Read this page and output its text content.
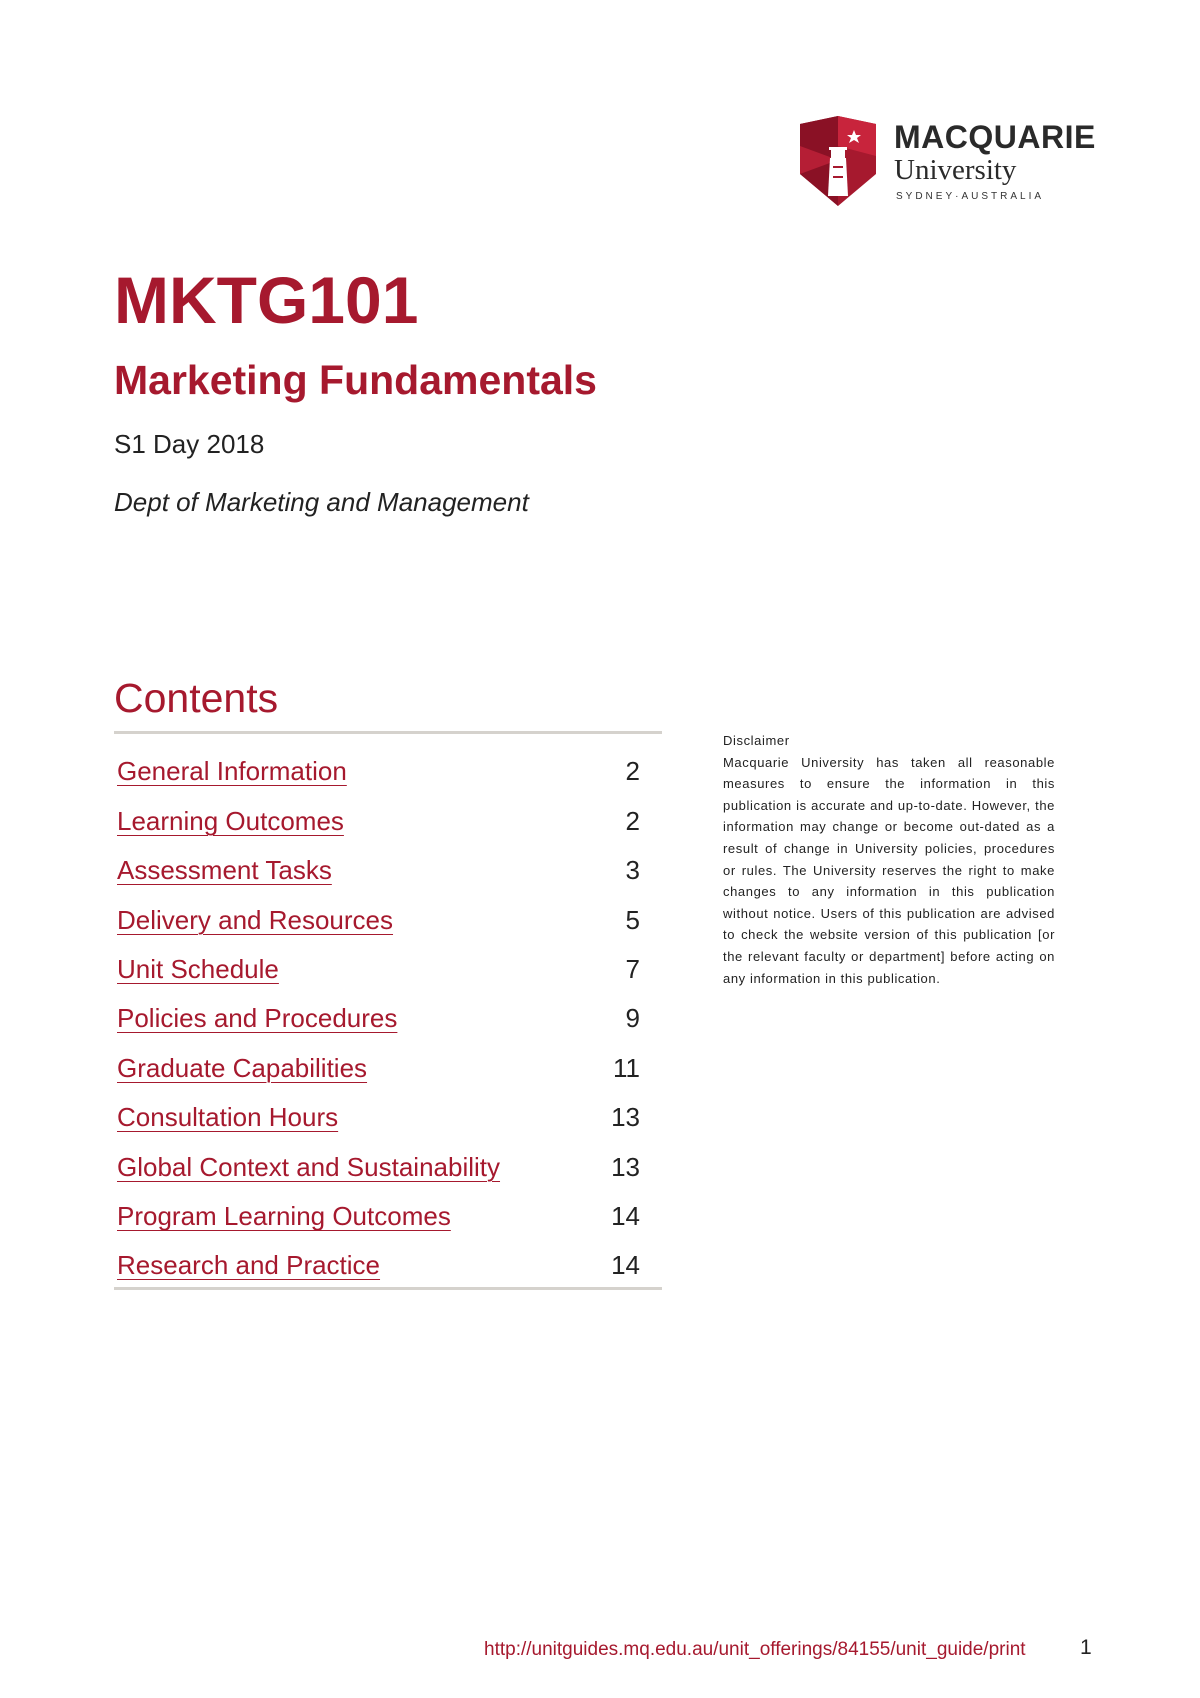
MACQUARIE
University
SYDNEY·AUSTRALIA
MKTG101
Marketing Fundamentals
S1 Day 2018
Dept of Marketing and Management
Contents
General Information	2
Learning Outcomes	2
Assessment Tasks	3
Delivery and Resources	5
Unit Schedule	7
Policies and Procedures	9
Graduate Capabilities	11
Consultation Hours	13
Global Context and Sustainability	13
Program Learning Outcomes	14
Research and Practice	14

Disclaimer

Macquarie University has taken all reasonable measures to ensure the information in this publication is accurate and up-to-date. However, the information may change or become out-dated as a result of change in University policies, procedures or rules. The University reserves the right to make changes to any information in this publication without notice. Users of this publication are advised to check the website version of this publication [or the relevant faculty or department] before acting on any information in this publication.

http://unitguides.mq.edu.au/unit_offerings/84155/unit_guide/print	1
